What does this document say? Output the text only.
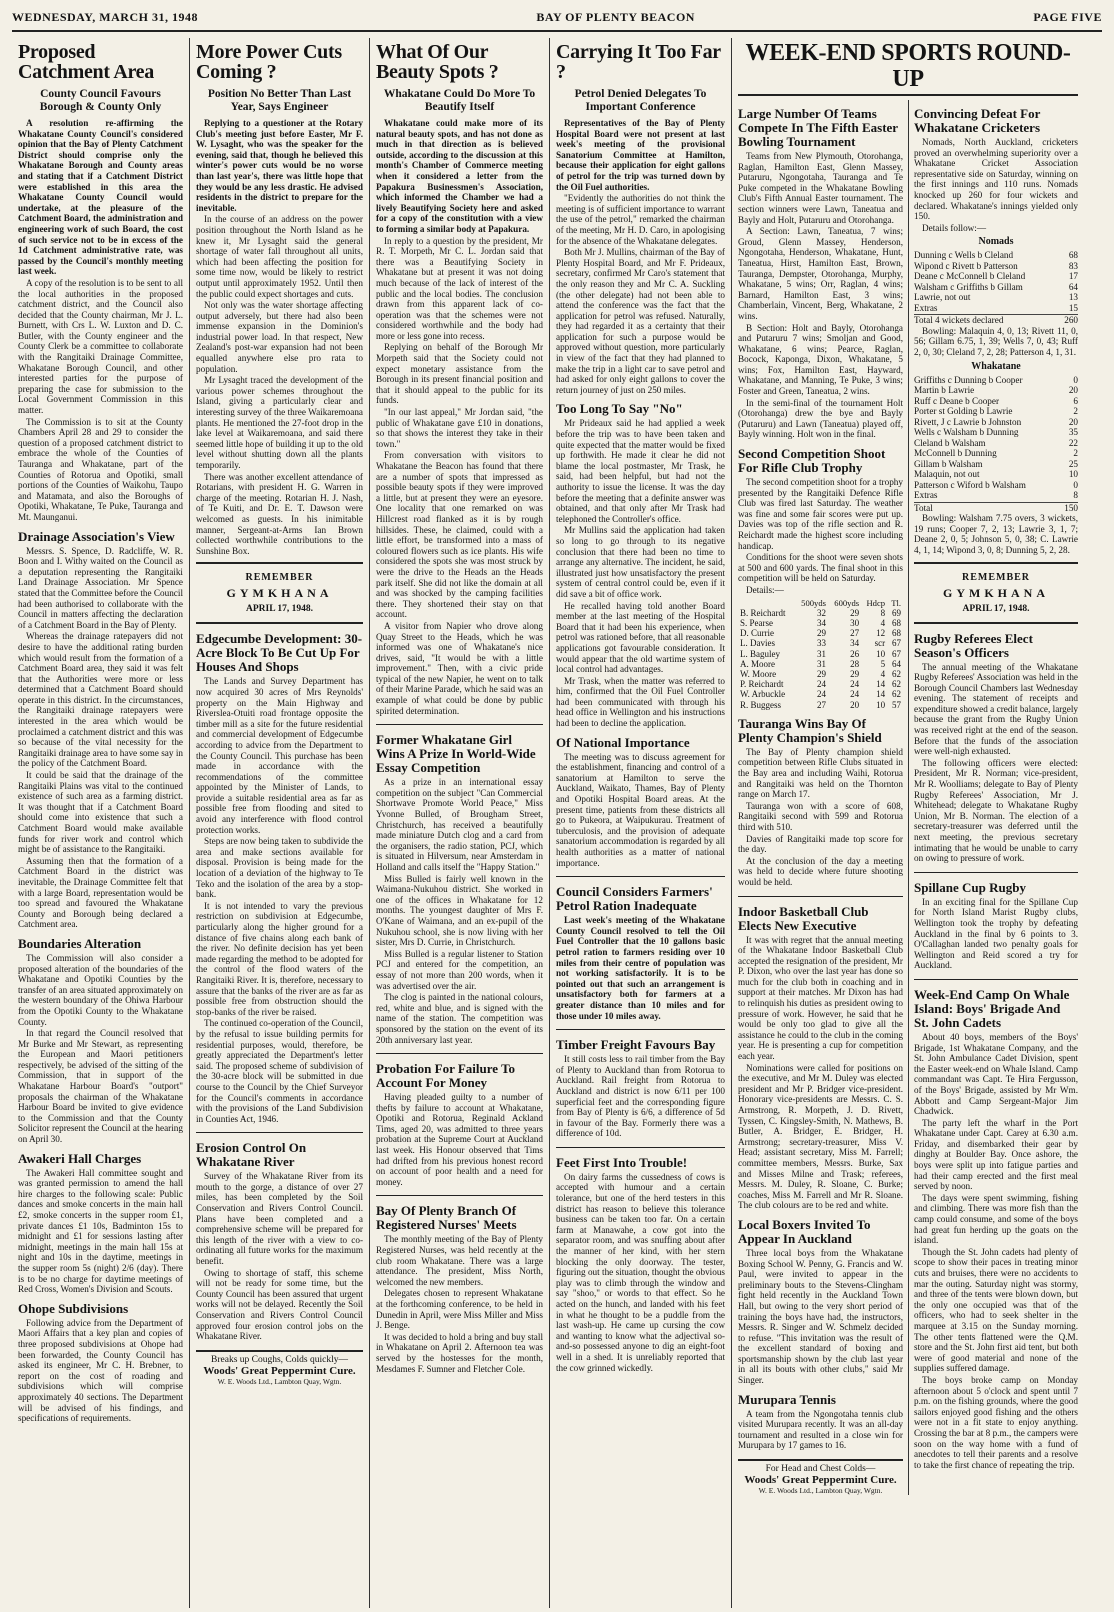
WEDNESDAY, MARCH 31, 1948	BAY OF PLENTY BEACON	PAGE FIVE
Proposed Catchment Area
County Council Favours Borough & County Only

A resolution re-affirming the Whakatane County Council's considered opinion that the Bay of Plenty Catchment District should comprise only the Whakatane Borough and County areas and stating that if a Catchment District were established in this area the Whakatane County Council would undertake, at the pleasure of the Catchment Board, the administration and engineering work of such Board, the cost of such service not to be in excess of the 1d Catchment administrative rate, was passed by the Council's monthly meeting last week.

A copy of the resolution is to be sent to all the local authorities in the proposed catchment district, and the Council also decided that the County chairman, Mr J. L. Burnett, with Crs L. W. Luxton and D. C. Butler, with the County engineer and the County Clerk be a committee to collaborate with the Rangitaiki Drainage Committee, Whakatane Borough Council, and other interested parties for the purpose of preparing the case for submission to the Local Government Commission in this matter.

The Commission is to sit at the County Chambers April 28 and 29 to consider the question of a proposed catchment district to embrace the whole of the Counties of Tauranga and Whakatane, part of the Counties of Rotorua and Opotiki, small portions of the Counties of Waikohu, Taupo and Matamata, and also the Boroughs of Opotiki, Whakatane, Te Puke, Tauranga and Mt. Maunganui.

Drainage Association's View

Messrs. S. Spence, D. Radcliffe, W. R. Boon and I. Withy waited on the Council as a deputation representing the Rangitaiki Land Drainage Association. Mr Spence stated that the Committee before the Council had been authorised to collaborate with the Council in matters affecting the declaration of a Catchment Board in the Bay of Plenty.

Whereas the drainage ratepayers did not desire to have the additional rating burden which would result from the formation of a Catchment Board area, they said it was felt that the Authorities were more or less determined that a Catchment Board should operate in this district. In the circumstances, the Rangitaiki drainage ratepayers were interested in the area which would be proclaimed a catchment district and this was so because of the vital necessity for the Rangitaiki drainage area to have some say in the policy of the Catchment Board.

It could be said that the drainage of the Rangitaiki Plains was vital to the continued existence of such area as a farming district. It was thought that if a Catchment Board should come into existence that such a Catchment Board would make available funds for river work and control which might be of assistance to the Rangitaiki.

Assuming then that the formation of a Catchment Board in the district was inevitable, the Drainage Committee felt that with a large Board, representation would be too spread and favoured the Whakatane County and Borough being declared a Catchment area.

Boundaries Alteration

The Commission will also consider a proposed alteration of the boundaries of the Whakatane and Opotiki Counties by the transfer of an area situated approximately on the western boundary of the Ohiwa Harbour from the Opotiki County to the Whakatane County.

In that regard the Council resolved that Mr Burke and Mr Stewart, as representing the European and Maori petitioners respectively, be advised of the sitting of the Commission, that in support of the Whakatane Harbour Board's "outport" proposals the chairman of the Whakatane Harbour Board be invited to give evidence to the Commission and that the County Solicitor represent the Council at the hearing on April 30.

Awakeri Hall Charges

The Awakeri Hall committee sought and was granted permission to amend the hall hire charges to the following scale: Public dances and smoke concerts in the main hall £2, smoke concerts in the supper room £1, private dances £1 10s, Badminton 15s to midnight and £1 for sessions lasting after midnight, meetings in the main hall 15s at night and 10s in the daytime, meetings in the supper room 5s (night) 2/6 (day). There is to be no charge for daytime meetings of Red Cross, Women's Division and Scouts.

Ohope Subdivisions

Following advice from the Department of Maori Affairs that a key plan and copies of three proposed subdivisions at Ohope had been forwarded, the County Council has asked its engineer, Mr C. H. Brebner, to report on the cost of roading and subdivisions which will comprise approximately 40 sections. The Department will be advised of his findings, and specifications of requirements.

More Power Cuts Coming ?
Position No Better Than Last Year, Says Engineer

Replying to a questioner at the Rotary Club's meeting just before Easter, Mr F. W. Lysaght, who was the speaker for the evening, said that, though he believed this winter's power cuts would be no worse than last year's, there was little hope that they would be any less drastic. He advised residents in the district to prepare for the inevitable.

In the course of an address on the power position throughout the North Island as he knew it, Mr Lysaght said the general shortage of water fall throughout all units, which had been affecting the position for some time now, would be likely to restrict output until approximately 1952. Until then the public could expect shortages and cuts.

Not only was the water shortage affecting output adversely, but there had also been immense expansion in the Dominion's industrial power load. In that respect, New Zealand's post-war expansion had not been equalled anywhere else pro rata to population.

Mr Lysaght traced the development of the various power schemes throughout the Island, giving a particularly clear and interesting survey of the three Waikaremoana plants. He mentioned the 27-foot drop in the lake level at Waikaremoana, and said there seemed little hope of building it up to the old level without shutting down all the plants temporarily.

There was another excellent attendance of Rotarians, with president H. G. Warren in charge of the meeting. Rotarian H. J. Nash, of Te Kuiti, and Dr. E. T. Dawson were welcomed as guests. In his inimitable manner, Sergeant-at-Arms Ian Brown collected worthwhile contributions to the Sunshine Box.

REMEMBER
GYMKHANA
APRIL 17, 1948.
Edgecumbe Development: 30-Acre Block To Be Cut Up For Houses And Shops

The Lands and Survey Department has now acquired 30 acres of Mrs Reynolds' property on the Main Highway and Riverslea-Otuiti road frontage opposite the timber mill as a site for the future residential and commercial development of Edgecumbe according to advice from the Department to the County Council. This purchase has been made in accordance with the recommendations of the committee appointed by the Minister of Lands, to provide a suitable residential area as far as possible free from flooding and sited to avoid any interference with flood control protection works.

Steps are now being taken to subdivide the area and make sections available for disposal. Provision is being made for the location of a deviation of the highway to Te Teko and the isolation of the area by a stop-bank.

It is not intended to vary the previous restriction on subdivision at Edgecumbe, particularly along the higher ground for a distance of five chains along each bank of the river. No definite decision has yet been made regarding the method to be adopted for the control of the flood waters of the Rangitaiki River. It is, therefore, necessary to assure that the banks of the river are as far as possible free from obstruction should the stop-banks of the river be raised.

The continued co-operation of the Council, by the refusal to issue building permits for residential purposes, would, therefore, be greatly appreciated the Department's letter said. The proposed scheme of subdivision of the 30-acre block will be submitted in due course to the Council by the Chief Surveyor for the Council's comments in accordance with the provisions of the Land Subdivision in Counties Act, 1946.

Erosion Control On Whakatane River

Survey of the Whakatane River from its mouth to the gorge, a distance of over 27 miles, has been completed by the Soil Conservation and Rivers Control Council. Plans have been completed and a comprehensive scheme will be prepared for this length of the river with a view to co-ordinating all future works for the maximum benefit.

Owing to shortage of staff, this scheme will not be ready for some time, but the County Council has been assured that urgent works will not be delayed. Recently the Soil Conservation and Rivers Control Council approved four erosion control jobs on the Whakatane River.

Breaks up Coughs, Colds quickly—
Woods' Great Peppermint Cure.
W. E. Woods Ltd., Lambton Quay, Wgtn.
What Of Our Beauty Spots ?
Whakatane Could Do More To Beautify Itself

Whakatane could make more of its natural beauty spots, and has not done as much in that direction as is believed outside, according to the discussion at this month's Chamber of Commerce meeting when it considered a letter from the Papakura Businessmen's Association, which informed the Chamber we had a lively Beautifying Society here and asked for a copy of the constitution with a view to forming a similar body at Papakura.

In reply to a question by the president, Mr R. T. Morpeth, Mr C. L. Jordan said that there was a Beautifying Society in Whakatane but at present it was not doing much because of the lack of interest of the public and the local bodies. The conclusion drawn from this apparent lack of co-operation was that the schemes were not considered worthwhile and the body had more or less gone into recess.

Replying on behalf of the Borough Mr Morpeth said that the Society could not expect monetary assistance from the Borough in its present financial position and that it should appeal to the public for its funds.

"In our last appeal," Mr Jordan said, "the public of Whakatane gave £10 in donations, so that shows the interest they take in their town."

From conversation with visitors to Whakatane the Beacon has found that there are a number of spots that impressed as possible beauty spots if they were improved a little, but at present they were an eyesore. One locality that one remarked on was Hillcrest road flanked as it is by rough hillsides. These, he claimed, could with a little effort, be transformed into a mass of coloured flowers such as ice plants. His wife considered the spots she was most struck by were the drive to the Heads an the Heads park itself. She did not like the domain at all and was shocked by the camping facilities there. They shortened their stay on that account.

A visitor from Napier who drove along Quay Street to the Heads, which he was informed was one of Whakatane's nice drives, said, "It would be with a little improvement." Then, with a civic pride typical of the new Napier, he went on to talk of their Marine Parade, which he said was an example of what could be done by public spirited determination.

Former Whakatane Girl Wins A Prize In World-Wide Essay Competition

As a prize in an international essay competition on the subject "Can Commercial Shortwave Promote World Peace," Miss Yvonne Bulled, of Brougham Street, Christchurch, has received a beautifully made miniature Dutch clog and a card from the organisers, the radio station, PCJ, which is situated in Hilversum, near Amsterdam in Holland and calls itself the "Happy Station."

Miss Bulled is fairly well known in the Waimana-Nukuhou district. She worked in one of the offices in Whakatane for 12 months. The youngest daughter of Mrs F. O'Kane of Waimana, and an ex-pupil of the Nukuhou school, she is now living with her sister, Mrs D. Currie, in Christchurch.

Miss Bulled is a regular listener to Station PCJ and entered for the competition, an essay of not more than 200 words, when it was advertised over the air.

The clog is painted in the national colours, red, white and blue, and is signed with the name of the station. The competition was sponsored by the station on the event of its 20th anniversary last year.

Probation For Failure To Account For Money

Having pleaded guilty to a number of thefts by failure to account at Whakatane, Opotiki and Rotorua, Reginald Ackland Tims, aged 20, was admitted to three years probation at the Supreme Court at Auckland last week. His Honour observed that Tims had drifted from his previous honest record on account of poor health and a need for money.

Bay Of Plenty Branch Of Registered Nurses' Meets

The monthly meeting of the Bay of Plenty Registered Nurses, was held recently at the club room Whakatane. There was a large attendance. The president, Miss North, welcomed the new members.

Delegates chosen to represent Whakatane at the forthcoming conference, to be held in Dunedin in April, were Miss Miller and Miss J. Benge.

It was decided to hold a bring and buy stall in Whakatane on April 2. Afternoon tea was served by the hostesses for the month, Mesdames F. Sumner and Fletcher Cole.

Carrying It Too Far ?
Petrol Denied Delegates To Important Conference

Representatives of the Bay of Plenty Hospital Board were not present at last week's meeting of the provisional Sanatorium Committee at Hamilton, because their application for eight gallons of petrol for the trip was turned down by the Oil Fuel authorities.

"Evidently the authorities do not think the meeting is of sufficient importance to warrant the use of the petrol," remarked the chairman of the meeting, Mr H. D. Caro, in apologising for the absence of the Whakatane delegates.

Both Mr J. Mullins, chairman of the Bay of Plenty Hospital Board, and Mr F. Prideaux, secretary, confirmed Mr Caro's statement that the only reason they and Mr C. A. Suckling (the other delegate) had not been able to attend the conference was the fact that the application for petrol was refused. Naturally, they had regarded it as a certainty that their application for such a purpose would be approved without question, more particularly in view of the fact that they had planned to make the trip in a light car to save petrol and had asked for only eight gallons to cover the return journey of just on 250 miles.

Too Long To Say "No"

Mr Prideaux said he had applied a week before the trip was to have been taken and quite expected that the matter would be fixed up forthwith. He made it clear he did not blame the local postmaster, Mr Trask, he said, had been helpful, but had not the authority to issue the license. It was the day before the meeting that a definite answer was obtained, and that only after Mr Trask had telephoned the Controller's office.

Mr Mullins said the application had taken so long to go through to its negative conclusion that there had been no time to arrange any alternative. The incident, he said, illustrated just how unsatisfactory the present system of central control could be, even if it did save a bit of office work.

He recalled having told another Board member at the last meeting of the Hospital Board that it had been his experience, when petrol was rationed before, that all reasonable applications got favourable consideration. It would appear that the old wartime system of local control had advantages.

Mr Trask, when the matter was referred to him, confirmed that the Oil Fuel Controller had been communicated with through his head office in Wellington and his instructions had been to decline the application.

Of National Importance

The meeting was to discuss agreement for the establishment, financing and control of a sanatorium at Hamilton to serve the Auckland, Waikato, Thames, Bay of Plenty and Opotiki Hospital Board areas. At the present time, patients from these districts all go to Pukeora, at Waipukurau. Treatment of tuberculosis, and the provision of adequate sanatorium accommodation is regarded by all health authorities as a matter of national importance.

Council Considers Farmers' Petrol Ration Inadequate

Last week's meeting of the Whakatane County Council resolved to tell the Oil Fuel Controller that the 10 gallons basic petrol ration to farmers residing over 10 miles from their centre of population was not working satisfactorily. It is to be pointed out that such an arrangement is unsatisfactory both for farmers at a greater distance than 10 miles and for those under 10 miles away.

Timber Freight Favours Bay

It still costs less to rail timber from the Bay of Plenty to Auckland than from Rotorua to Auckland. Rail freight from Rotorua to Auckland and district is now 6/11 per 100 superficial feet and the corresponding figure from Bay of Plenty is 6/6, a difference of 5d in favour of the Bay. Formerly there was a difference of 10d.

Feet First Into Trouble!

On dairy farms the cussedness of cows is accepted with humour and a certain tolerance, but one of the herd testers in this district has reason to believe this tolerance business can be taken too far. On a certain farm at Manawahe, a cow got into the separator room, and was snuffing about after the manner of her kind, with her stern blocking the only doorway. The tester, figuring out the situation, thought the obvious play was to climb through the window and say "shoo," or words to that effect. So he acted on the hunch, and landed with his feet in what he thought to be a puddle from the last wash-up. He came up cursing the cow and wanting to know what the adjectival so-and-so possessed anyone to dig an eight-foot well in a shed. It is unreliably reported that the cow grinned wickedly.

WEEK-END SPORTS ROUND-UP
Large Number Of Teams Compete In The Fifth Easter Bowling Tournament

Teams from New Plymouth, Otorohanga, Raglan, Hamilton East, Glenn Massey, Putaruru, Ngongotaha, Tauranga and Te Puke competed in the Whakatane Bowling Club's Fifth Annual Easter tournament. The section winners were Lawn, Taneatua and Bayly and Holt, Putaruru and Otorohanga.

A Section: Lawn, Taneatua, 7 wins; Groud, Glenn Massey, Henderson, Ngongotaha, Henderson, Whakatane, Hunt, Taneatua, Hirst, Hamilton East, Brown, Tauranga, Dempster, Otorohanga, Murphy, Whakatane, 5 wins; Orr, Raglan, 4 wins; Barnard, Hamilton East, 3 wins; Chamberlain, Vincent, Berg, Whakatane, 2 wins.

B Section: Holt and Bayly, Otorohanga and Putaruru 7 wins; Smoljan and Good, Whakatane, 6 wins; Pearce, Raglan, Bocock, Kaponga, Dixon, Whakatane, 5 wins; Fox, Hamilton East, Hayward, Whakatane, and Manning, Te Puke, 3 wins; Foster and Green, Taneatua, 2 wins.

In the semi-final of the tournament Holt (Otorohanga) drew the bye and Bayly (Putaruru) and Lawn (Taneatua) played off, Bayly winning. Holt won in the final.

Second Competition Shoot For Rifle Club Trophy

The second competition shoot for a trophy presented by the Rangitaiki Defence Rifle Club was fired last Saturday. The weather was fine and some fair scores were put up. Davies was top of the rifle section and R. Reichardt made the highest score including handicap.

Conditions for the shoot were seven shots at 500 and 600 yards. The final shoot in this competition will be held on Saturday.

Details:—

	500yds	600yds	Hdcp	Tl.
B. Reichardt	32	29	8	69
S. Pearse	34	30	4	68
D. Currie	29	27	12	68
L. Davies	33	34	scr	67
L. Baguley	31	26	10	67
A. Moore	31	28	5	64
W. Moore	29	29	4	62
P. Reichardt	24	24	14	62
W. Arbuckle	24	24	14	62
R. Buggess	27	20	10	57
Tauranga Wins Bay Of Plenty Champion's Shield

The Bay of Plenty champion shield competition between Rifle Clubs situated in the Bay area and including Waihi, Rotorua and Rangitaiki was held on the Thornton range on March 17.

Tauranga won with a score of 608, Rangitaiki second with 599 and Rotorua third with 510.

Davies of Rangitaiki made top score for the day.

At the conclusion of the day a meeting was held to decide where future shooting would be held.

Indoor Basketball Club Elects New Executive

It was with regret that the annual meeting of the Whakatane Indoor Basketball Club accepted the resignation of the president, Mr P. Dixon, who over the last year has done so much for the club both in coaching and in support at their matches. Mr Dixon has had to relinquish his duties as president owing to pressure of work. However, he said that he would be only too glad to give all the assistance he could to the club in the coming year. He is presenting a cup for competition each year.

Nominations were called for positions on the executive, and Mr M. Duley was elected president and Mr P. Bridger vice-president. Honorary vice-presidents are Messrs. C. S. Armstrong, R. Morpeth, J. D. Rivett, Tyssen, C. Kingsley-Smith, N. Mathews, B. Butler, A. Bridger, E. Bridger, H. Armstrong; secretary-treasurer, Miss V. Head; assistant secretary, Miss M. Farrell; committee members, Messrs. Burke, Sax and Misses Milne and Trask; referees, Messrs. M. Duley, R. Sloane, C. Burke; coaches, Miss M. Farrell and Mr R. Sloane. The club colours are to be red and white.

Local Boxers Invited To Appear In Auckland

Three local boys from the Whakatane Boxing School W. Penny, G. Francis and W. Paul, were invited to appear in the preliminary bouts to the Stevens-Clingham fight held recently in the Auckland Town Hall, but owing to the very short period of training the boys have had, the instructors, Messrs. R. Singer and W. Schmelz decided to refuse. "This invitation was the result of the excellent standard of boxing and sportsmanship shown by the club last year in all its bouts with other clubs," said Mr Singer.

Murupara Tennis

A team from the Ngongotaha tennis club visited Murupara recently. It was an all-day tournament and resulted in a close win for Murupara by 17 games to 16.

For Head and Chest Colds—
Woods' Great Peppermint Cure.
W. E. Woods Ltd., Lambton Quay, Wgtn.
Convincing Defeat For Whakatane Cricketers

Nomads, North Auckland, cricketers proved an overwhelming superiority over a Whakatane Cricket Association representative side on Saturday, winning on the first innings and 110 runs. Nomads knocked up 260 for four wickets and declared. Whakatane's innings yielded only 150.

Details follow:—

Nomads
Dunning c Wells b Cleland	68
Wipond c Rivett b Patterson	83
Deane c McConnell b Cleland	17
Walsham c Griffiths b Gillam	64
Lawrie, not out	13
Extras	15
Total 4 wickets declared	260

Bowling: Malaquin 4, 0, 13; Rivett 11, 0, 56; Gillam 6.75, 1, 39; Wells 7, 0, 43; Ruff 2, 0, 30; Cleland 7, 2, 28; Patterson 4, 1, 31.

Whakatane
Griffiths c Dunning b Cooper	0
Martin b Lawrie	20
Ruff c Deane b Cooper	6
Porter st Golding b Lawrie	2
Rivett, J c Lawrie b Johnston	20
Wells c Walsham b Dunning	35
Cleland b Walsham	22
McConnell b Dunning	2
Gillam b Walsham	25
Malaquin, not out	10
Patterson c Wiford b Walsham	0
Extras	8
Total	150

Bowling: Walsham 7.75 overs, 3 wickets, 19 runs; Cooper 7, 2, 13; Lawrie 3, 1, 7; Deane 2, 0, 5; Johnson 5, 0, 38; C. Lawrie 4, 1, 14; Wipond 3, 0, 8; Dunning 5, 2, 28.

REMEMBER
GYMKHANA
APRIL 17, 1948.
Rugby Referees Elect Season's Officers

The annual meeting of the Whakatane Rugby Referees' Association was held in the Borough Council Chambers last Wednesday evening. The statement of receipts and expenditure showed a credit balance, largely because the grant from the Rugby Union was received right at the end of the season. Before that the funds of the association were well-nigh exhausted.

The following officers were elected: President, Mr R. Norman; vice-president, Mr R. Woolliams; delegate to Bay of Plenty Rugby Referees' Association, Mr J. Whitehead; delegate to Whakatane Rugby Union, Mr B. Norman. The election of a secretary-treasurer was deferred until the next meeting, the previous secretary intimating that he would be unable to carry on owing to pressure of work.

Spillane Cup Rugby

In an exciting final for the Spillane Cup for North Island Marist Rugby clubs, Wellington took the trophy by defeating Auckland in the final by 6 points to 3. O'Callaghan landed two penalty goals for Wellington and Reid scored a try for Auckland.

Week-End Camp On Whale Island: Boys' Brigade And St. John Cadets

About 40 boys, members of the Boys' Brigade, 1st Whakatane Company, and the St. John Ambulance Cadet Division, spent the Easter week-end on Whale Island. Camp commandant was Capt. Te Hira Fergusson, of the Boys' Brigade, assisted by Mr Wm. Abbott and Camp Sergeant-Major Jim Chadwick.

The party left the wharf in the Port Whakatane under Capt. Carey at 6.30 a.m. Friday, and disembarked their gear by dinghy at Boulder Bay. Once ashore, the boys were split up into fatigue parties and had their camp erected and the first meal served by noon.

The days were spent swimming, fishing and climbing. There was more fish than the camp could consume, and some of the boys had great fun herding up the goats on the island.

Though the St. John cadets had plenty of scope to show their paces in treating minor cuts and bruises, there were no accidents to mar the outing. Saturday night was stormy, and three of the tents were blown down, but the only one occupied was that of the officers, who had to seek shelter in the marquee at 3.15 on the Sunday morning. The other tents flattened were the Q.M. store and the St. John first aid tent, but both were of good material and none of the supplies suffered damage.

The boys broke camp on Monday afternoon about 5 o'clock and spent until 7 p.m. on the fishing grounds, where the good sailors enjoyed good fishing and the others were not in a fit state to enjoy anything. Crossing the bar at 8 p.m., the campers were soon on the way home with a fund of anecdotes to tell their parents and a resolve to take the first chance of repeating the trip.
